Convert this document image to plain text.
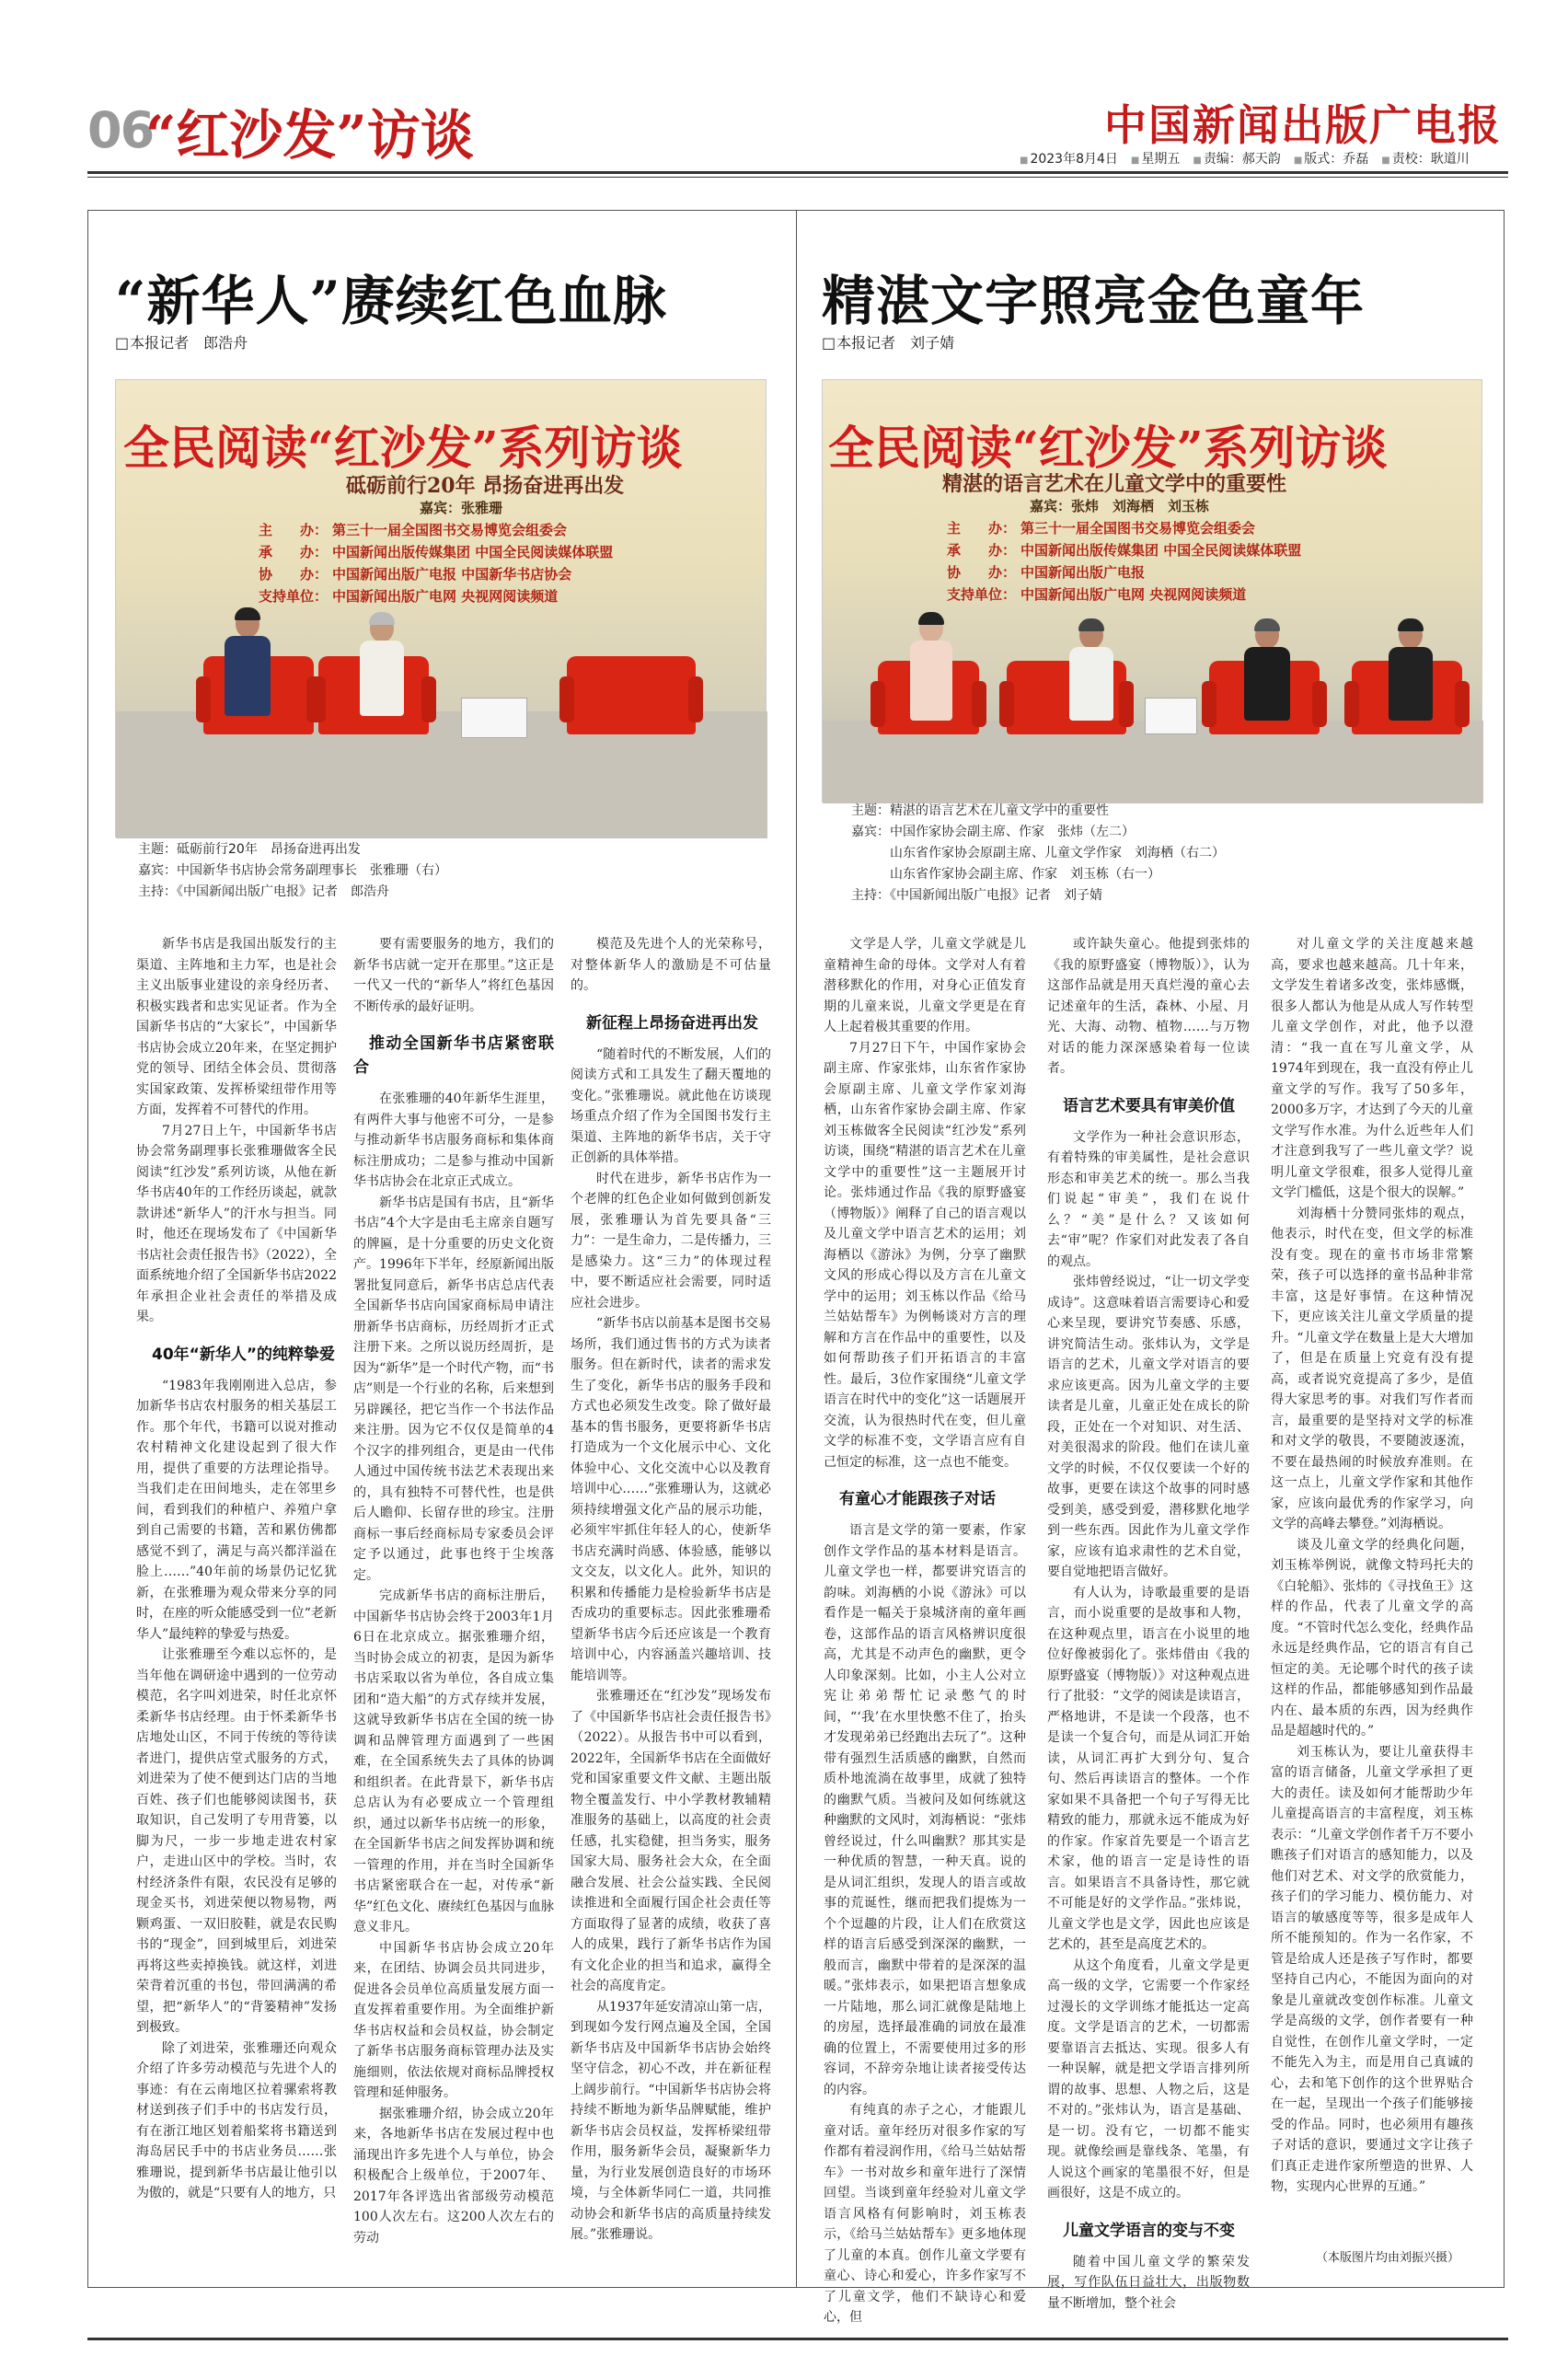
06
“红沙发”访谈	中国新闻出版广电报
■ 2023年8月4日	■ 星期五	■ 责编：郝天韵	■ 版式：乔磊	■ 责校：耿道川
“新华人”赓续红色血脉
□ 本报记者　郎浩舟
全民阅读“红沙发”系列访谈
砥砺前行20年 昂扬奋进再出发
嘉宾：张雅珊
主　　办： 第三十一届全国图书交易博览会组委会
承　　办： 中国新闻出版传媒集团 中国全民阅读媒体联盟
协　　办： 中国新闻出版广电报 中国新华书店协会
支持单位： 中国新闻出版广电网 央视网阅读频道
主题：砥砺前行20年　昂扬奋进再出发
嘉宾：中国新华书店协会常务副理事长　张雅珊（右）
主持：《中国新闻出版广电报》记者　郎浩舟

新华书店是我国出版发行的主渠道、主阵地和主力军，也是社会主义出版事业建设的亲身经历者、积极实践者和忠实见证者。作为全国新华书店的“大家长”，中国新华书店协会成立20年来，在坚定拥护党的领导、团结全体会员、贯彻落实国家政策、发挥桥梁纽带作用等方面，发挥着不可替代的作用。

7月27日上午，中国新华书店协会常务副理事长张雅珊做客全民阅读“红沙发”系列访谈，从他在新华书店40年的工作经历谈起，就款款讲述“新华人”的汗水与担当。同时，他还在现场发布了《中国新华书店社会责任报告书》（2022），全面系统地介绍了全国新华书店2022年承担企业社会责任的举措及成果。

40年“新华人”的纯粹挚爱

“1983年我刚刚进入总店，参加新华书店农村服务的相关基层工作。那个年代，书籍可以说对推动农村精神文化建设起到了很大作用，提供了重要的方法理论指导。当我们走在田间地头，走在邻里乡间，看到我们的种植户、养殖户拿到自己需要的书籍，苦和累仿佛都感觉不到了，满足与高兴都洋溢在脸上……”40年前的场景仍记忆犹新，在张雅珊为观众带来分享的同时，在座的听众能感受到一位“老新华人”最纯粹的挚爱与热爱。

让张雅珊至今难以忘怀的，是当年他在调研途中遇到的一位劳动模范，名字叫刘进荣，时任北京怀柔新华书店经理。由于怀柔新华书店地处山区，不同于传统的等待读者进门，提供店堂式服务的方式，刘进荣为了使不便到达门店的当地百姓、孩子们也能够阅读图书，获取知识，自己发明了专用背篓，以脚为尺，一步一步地走进农村家户，走进山区中的学校。当时，农村经济条件有限，农民没有足够的现金买书，刘进荣便以物易物，两颗鸡蛋、一双旧胶鞋，就是农民购书的“现金”，回到城里后，刘进荣再将这些卖掉换钱。就这样，刘进荣背着沉重的书包，带回满满的希望，把“新华人”的“背篓精神”发扬到极致。

除了刘进荣，张雅珊还向观众介绍了许多劳动模范与先进个人的事迹：有在云南地区拉着骡索将教材送到孩子们手中的书店发行员，有在浙江地区划着船桨将书籍送到海岛居民手中的书店业务员……张雅珊说，提到新华书店最让他引以为傲的，就是“只要有人的地方，只

要有需要服务的地方，我们的新华书店就一定开在那里。”这正是一代又一代的“新华人”将红色基因不断传承的最好证明。

推动全国新华书店紧密联合

在张雅珊的40年新华生涯里，有两件大事与他密不可分，一是参与推动新华书店服务商标和集体商标注册成功；二是参与推动中国新华书店协会在北京正式成立。

新华书店是国有书店，且“新华书店”4个大字是由毛主席亲自题写的牌匾，是十分重要的历史文化资产。1996年下半年，经原新闻出版署批复同意后，新华书店总店代表全国新华书店向国家商标局申请注册新华书店商标，历经周折才正式注册下来。之所以说历经周折，是因为“新华”是一个时代产物，而“书店”则是一个行业的名称，后来想到另辟蹊径，把它当作一个书法作品来注册。因为它不仅仅是简单的4个汉字的排列组合，更是由一代伟人通过中国传统书法艺术表现出来的，具有独特不可替代性，也是供后人瞻仰、长留存世的珍宝。注册商标一事后经商标局专家委员会评定予以通过，此事也终于尘埃落定。

完成新华书店的商标注册后，中国新华书店协会终于2003年1月6日在北京成立。据张雅珊介绍，当时协会成立的初衷，是因为新华书店采取以省为单位，各自成立集团和“造大船”的方式存续并发展，这就导致新华书店在全国的统一协调和品牌管理方面遇到了一些困难，在全国系统失去了具体的协调和组织者。在此背景下，新华书店总店认为有必要成立一个管理组织，通过以新华书店统一的形象，在全国新华书店之间发挥协调和统一管理的作用，并在当时全国新华书店紧密联合在一起，对传承“新华”红色文化、赓续红色基因与血脉意义非凡。

中国新华书店协会成立20年来，在团结、协调会员共同进步，促进各会员单位高质量发展方面一直发挥着重要作用。为全面维护新华书店权益和会员权益，协会制定了新华书店服务商标管理办法及实施细则，依法依规对商标品牌授权管理和延伸服务。

据张雅珊介绍，协会成立20年来，各地新华书店在发展过程中也涌现出许多先进个人与单位，协会积极配合上级单位，于2007年、2017年各评选出省部级劳动模范100人次左右。这200人次左右的劳动

模范及先进个人的光荣称号，对整体新华人的激励是不可估量的。

新征程上昂扬奋进再出发

“随着时代的不断发展，人们的阅读方式和工具发生了翻天覆地的变化。”张雅珊说。就此他在访谈现场重点介绍了作为全国图书发行主渠道、主阵地的新华书店，关于守正创新的具体举措。

时代在进步，新华书店作为一个老牌的红色企业如何做到创新发展，张雅珊认为首先要具备“三力”：一是生命力，二是传播力，三是感染力。这“三力”的体现过程中，要不断适应社会需要，同时适应社会进步。

“新华书店以前基本是图书交易场所，我们通过售书的方式为读者服务。但在新时代，读者的需求发生了变化，新华书店的服务手段和方式也必须发生改变。除了做好最基本的售书服务，更要将新华书店打造成为一个文化展示中心、文化体验中心、文化交流中心以及教育培训中心……”张雅珊认为，这就必须持续增强文化产品的展示功能，必须牢牢抓住年轻人的心，使新华书店充满时尚感、体验感，能够以文交友，以文化人。此外，知识的积累和传播能力是检验新华书店是否成功的重要标志。因此张雅珊希望新华书店今后还应该是一个教育培训中心，内容涵盖兴趣培训、技能培训等。

张雅珊还在“红沙发”现场发布了《中国新华书店社会责任报告书》（2022）。从报告书中可以看到，2022年，全国新华书店在全面做好党和国家重要文件文献、主题出版物全覆盖发行、中小学教材教辅精准服务的基础上，以高度的社会责任感，扎实稳健，担当务实，服务国家大局、服务社会大众，在全面融合发展、社会公益实践、全民阅读推进和全面履行国企社会责任等方面取得了显著的成绩，收获了喜人的成果，践行了新华书店作为国有文化企业的担当和追求，赢得全社会的高度肯定。

从1937年延安清凉山第一店，到现如今发行网点遍及全国，全国新华书店及中国新华书店协会始终坚守信念，初心不改，并在新征程上阔步前行。“中国新华书店协会将持续不断地为新华品牌赋能，维护新华书店会员权益，发挥桥梁纽带作用，服务新华会员，凝聚新华力量，为行业发展创造良好的市场环境，与全体新华同仁一道，共同推动协会和新华书店的高质量持续发展。”张雅珊说。

精湛文字照亮金色童年
□ 本报记者　刘子婧
全民阅读“红沙发”系列访谈
精湛的语言艺术在儿童文学中的重要性
嘉宾：张炜　刘海栖　刘玉栋
主　　办： 第三十一届全国图书交易博览会组委会
承　　办： 中国新闻出版传媒集团 中国全民阅读媒体联盟
协　　办： 中国新闻出版广电报
支持单位： 中国新闻出版广电网 央视网阅读频道
主题：精湛的语言艺术在儿童文学中的重要性
嘉宾：中国作家协会副主席、作家　张炜（左二）
　　　山东省作家协会原副主席、儿童文学作家　刘海栖（右二）
　　　山东省作家协会副主席、作家　刘玉栋（右一）
主持：《中国新闻出版广电报》记者　刘子婧

文学是人学，儿童文学就是儿童精神生命的母体。文学对人有着潜移默化的作用，对身心正值发育期的儿童来说，儿童文学更是在育人上起着极其重要的作用。

7月27日下午，中国作家协会副主席、作家张炜，山东省作家协会原副主席、儿童文学作家刘海栖，山东省作家协会副主席、作家刘玉栋做客全民阅读“红沙发”系列访谈，围绕“精湛的语言艺术在儿童文学中的重要性”这一主题展开讨论。张炜通过作品《我的原野盛宴（博物版）》阐释了自己的语言观以及儿童文学中语言艺术的运用；刘海栖以《游泳》为例，分享了幽默文风的形成心得以及方言在儿童文学中的运用；刘玉栋以作品《给马兰姑姑帮车》为例畅谈对方言的理解和方言在作品中的重要性，以及如何帮助孩子们开拓语言的丰富性。最后，3位作家围绕“儿童文学语言在时代中的变化”这一话题展开交流，认为很热时代在变，但儿童文学的标准不变，文学语言应有自己恒定的标准，这一点也不能变。

有童心才能跟孩子对话

语言是文学的第一要素，作家创作文学作品的基本材料是语言。儿童文学也一样，都要讲究语言的韵味。刘海栖的小说《游泳》可以看作是一幅关于泉城济南的童年画卷，这部作品的语言风格辨识度很高，尤其是不动声色的幽默，更令人印象深刻。比如，小主人公对立宪让弟弟帮忙记录憋气的时间，“‘我’在水里快憋不住了，抬头才发现弟弟已经跑出去玩了”。这种带有强烈生活质感的幽默，自然而质朴地流淌在故事里，成就了独特的幽默气质。当被问及如何练就这种幽默的文风时，刘海栖说：“张炜曾经说过，什么叫幽默？那其实是一种优质的智慧，一种天真。说的是从词汇组织，发现人的语言或故事的荒诞性，继而把我们提炼为一个个逗趣的片段，让人们在欣赏这样的语言后感受到深深的幽默，一般而言，幽默中带着的是深深的温暖。”张炜表示，如果把语言想象成一片陆地，那么词汇就像是陆地上的房屋，选择最准确的词放在最准确的位置上，不需要使用过多的形容词，不辞旁杂地让读者接受传达的内容。

有纯真的赤子之心，才能跟儿童对话。童年经历对很多作家的写作都有着浸润作用，《给马兰姑姑帮车》一书对故乡和童年进行了深情回望。当谈到童年经验对儿童文学语言风格有何影响时，刘玉栋表示，《给马兰姑姑帮车》更多地体现了儿童的本真。创作儿童文学要有童心、诗心和爱心，许多作家写不了儿童文学，他们不缺诗心和爱心，但

或许缺失童心。他提到张炜的《我的原野盛宴（博物版）》，认为这部作品就是用天真烂漫的童心去记述童年的生活，森林、小屋、月光、大海、动物、植物……与万物对话的能力深深感染着每一位读者。

语言艺术要具有审美价值

文学作为一种社会意识形态，有着特殊的审美属性，是社会意识形态和审美艺术的统一。那么当我们说起“审美”，我们在说什么？“美”是什么？又该如何去“审”呢？作家们对此发表了各自的观点。

张炜曾经说过，“让一切文学变成诗”。这意味着语言需要诗心和爱心来呈现，要讲究节奏感、乐感，讲究简洁生动。张炜认为，文学是语言的艺术，儿童文学对语言的要求应该更高。因为儿童文学的主要读者是儿童，儿童正处在成长的阶段，正处在一个对知识、对生活、对美很渴求的阶段。他们在读儿童文学的时候，不仅仅要读一个好的故事，更要在读这个故事的同时感受到美，感受到爱，潜移默化地学到一些东西。因此作为儿童文学作家，应该有追求肃性的艺术自觉，要自觉地把语言做好。

有人认为，诗歌最重要的是语言，而小说重要的是故事和人物，在这种观点里，语言在小说里的地位好像被弱化了。张炜借由《我的原野盛宴（博物版）》对这种观点进行了批驳：“文学的阅读是读语言，严格地讲，不是读一个段落，也不是读一个复合句，而是从词汇开始读，从词汇再扩大到分句、复合句、然后再读语言的整体。一个作家如果不具备把一个句子写得无比精致的能力，那就永远不能成为好的作家。作家首先要是一个语言艺术家，他的语言一定是诗性的语言。如果语言不具备诗性，那它就不可能是好的文学作品。”张炜说，儿童文学也是文学，因此也应该是艺术的，甚至是高度艺术的。

从这个角度看，儿童文学是更高一级的文学，它需要一个作家经过漫长的文学训练才能抵达一定高度。文学是语言的艺术，一切都需要靠语言去抵达、实现。很多人有一种误解，就是把文学语言排列所谓的故事、思想、人物之后，这是不对的。”张炜认为，语言是基础、是一切。没有它，一切都不能实现。就像绘画是靠线条、笔墨，有人说这个画家的笔墨很不好，但是画很好，这是不成立的。

儿童文学语言的变与不变

随着中国儿童文学的繁荣发展，写作队伍日益壮大，出版物数量不断增加，整个社会

对儿童文学的关注度越来越高，要求也越来越高。几十年来，文学发生着诸多改变，张炜感慨，很多人都认为他是从成人写作转型儿童文学创作，对此，他予以澄清：“我一直在写儿童文学，从1974年到现在，我一直没有停止儿童文学的写作。我写了50多年，2000多万字，才达到了今天的儿童文学写作水准。为什么近些年人们才注意到我写了一些儿童文学？说明儿童文学很难，很多人觉得儿童文学门槛低，这是个很大的误解。”

刘海栖十分赞同张炜的观点，他表示，时代在变，但文学的标准没有变。现在的童书市场非常繁荣，孩子可以选择的童书品种非常丰富，这是好事情。在这种情况下，更应该关注儿童文学质量的提升。“儿童文学在数量上是大大增加了，但是在质量上究竟有没有提高，或者说究竟提高了多少，是值得大家思考的事。对我们写作者而言，最重要的是坚持对文学的标准和对文学的敬畏，不要随波逐流，不要在最热闹的时候放弃准则。在这一点上，儿童文学作家和其他作家，应该向最优秀的作家学习，向文学的高峰去攀登。”刘海栖说。

谈及儿童文学的经典化问题，刘玉栋举例说，就像文特玛托夫的《白轮船》、张炜的《寻找鱼王》这样的作品，代表了儿童文学的高度。“不管时代怎么变化，经典作品永远是经典作品，它的语言有自己恒定的美。无论哪个时代的孩子读这样的作品，都能够感知到作品最内在、最本质的东西，因为经典作品是超越时代的。”

刘玉栋认为，要让儿童获得丰富的语言储备，儿童文学承担了更大的责任。读及如何才能帮助少年儿童提高语言的丰富程度，刘玉栋表示：“儿童文学创作者千万不要小瞧孩子们对语言的感知能力，以及他们对艺术、对文学的欣赏能力，孩子们的学习能力、模仿能力、对语言的敏感度等等，很多是成年人所不能预知的。作为一名作家，不管是给成人还是孩子写作时，都要坚持自己内心，不能因为面向的对象是儿童就改变创作标准。儿童文学是高级的文学，创作者要有一种自觉性，在创作儿童文学时，一定不能先入为主，而是用自己真诚的心，去和笔下创作的这个世界贴合在一起，呈现出一个孩子们能够接受的作品。同时，也必须用有趣孩子对话的意识，要通过文字让孩子们真正走进作家所塑造的世界、人物，实现内心世界的互通。”

（本版图片均由刘振兴摄）
